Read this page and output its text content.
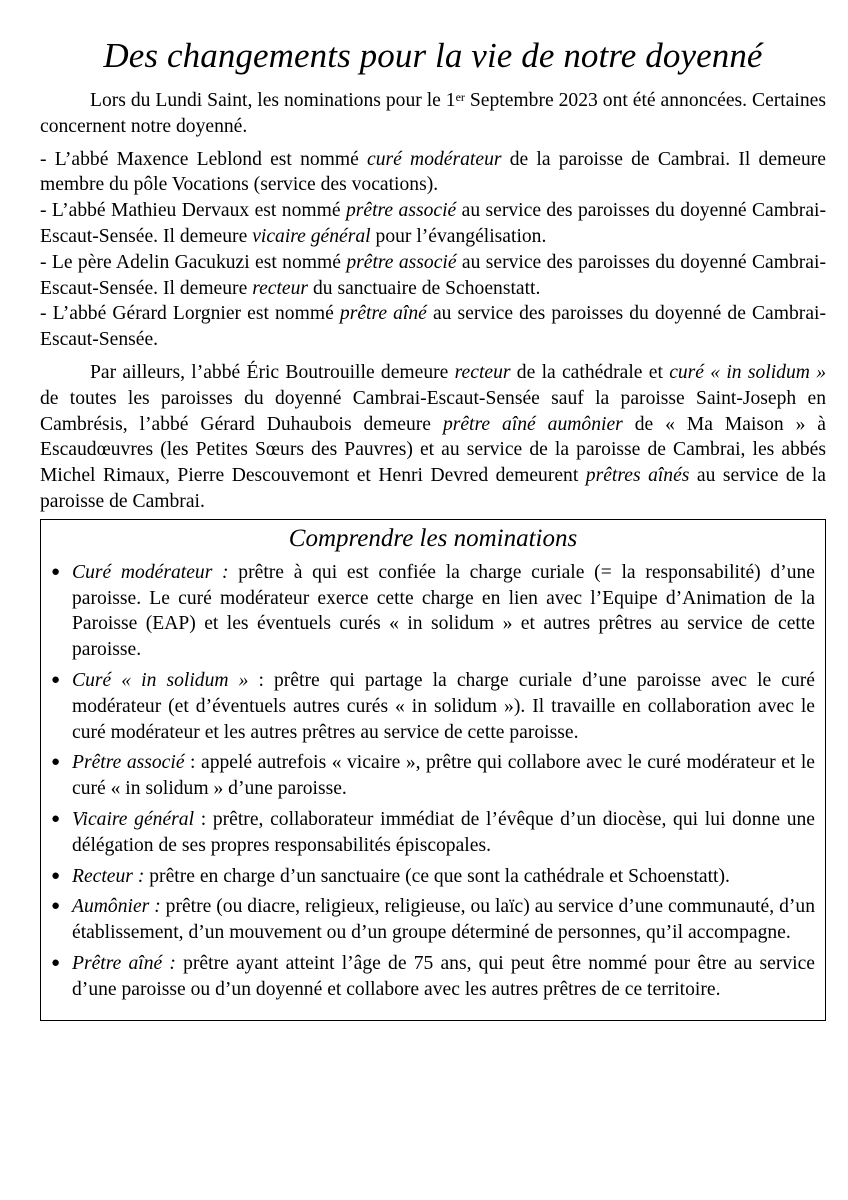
Des changements pour la vie de notre doyenné

Lors du Lundi Saint, les nominations pour le 1er Septembre 2023 ont été annoncées. Certaines concernent notre doyenné.

- L’abbé Maxence Leblond est nommé curé modérateur de la paroisse de Cambrai. Il demeure membre du pôle Vocations (service des vocations).

- L’abbé Mathieu Dervaux est nommé prêtre associé au service des paroisses du doyenné Cambrai-Escaut-Sensée. Il demeure vicaire général pour l’évangélisation.

- Le père Adelin Gacukuzi est nommé prêtre associé au service des paroisses du doyenné Cambrai-Escaut-Sensée. Il demeure recteur du sanctuaire de Schoenstatt.

- L’abbé Gérard Lorgnier est nommé prêtre aîné au service des paroisses du doyenné de Cambrai-Escaut-Sensée.

Par ailleurs, l’abbé Éric Boutrouille demeure recteur de la cathédrale et curé « in solidum » de toutes les paroisses du doyenné Cambrai-Escaut-Sensée sauf la paroisse Saint-Joseph en Cambrésis, l’abbé Gérard Duhaubois demeure prêtre aîné aumônier de « Ma Maison » à Escaudœuvres (les Petites Sœurs des Pauvres) et au service de la paroisse de Cambrai, les abbés Michel Rimaux, Pierre Descouvemont et Henri Devred demeurent prêtres aînés au service de la paroisse de Cambrai.

Comprendre les nominations
● Curé modérateur : prêtre à qui est confiée la charge curiale (= la responsabilité) d’une paroisse. Le curé modérateur exerce cette charge en lien avec l’Equipe d’Animation de la Paroisse (EAP) et les éventuels curés « in solidum » et autres prêtres au service de cette paroisse.
● Curé « in solidum » : prêtre qui partage la charge curiale d’une paroisse avec le curé modérateur (et d’éventuels autres curés « in solidum »). Il travaille en collaboration avec le curé modérateur et les autres prêtres au service de cette paroisse.
● Prêtre associé : appelé autrefois « vicaire », prêtre qui collabore avec le curé modérateur et le curé « in solidum » d’une paroisse.
● Vicaire général : prêtre, collaborateur immédiat de l’évêque d’un diocèse, qui lui donne une délégation de ses propres responsabilités épiscopales.
● Recteur : prêtre en charge d’un sanctuaire (ce que sont la cathédrale et Schoenstatt).
● Aumônier : prêtre (ou diacre, religieux, religieuse, ou laïc) au service d’une communauté, d’un établissement, d’un mouvement ou d’un groupe déterminé de personnes, qu’il accompagne.
● Prêtre aîné : prêtre ayant atteint l’âge de 75 ans, qui peut être nommé pour être au service d’une paroisse ou d’un doyenné et collabore avec les autres prêtres de ce territoire.
